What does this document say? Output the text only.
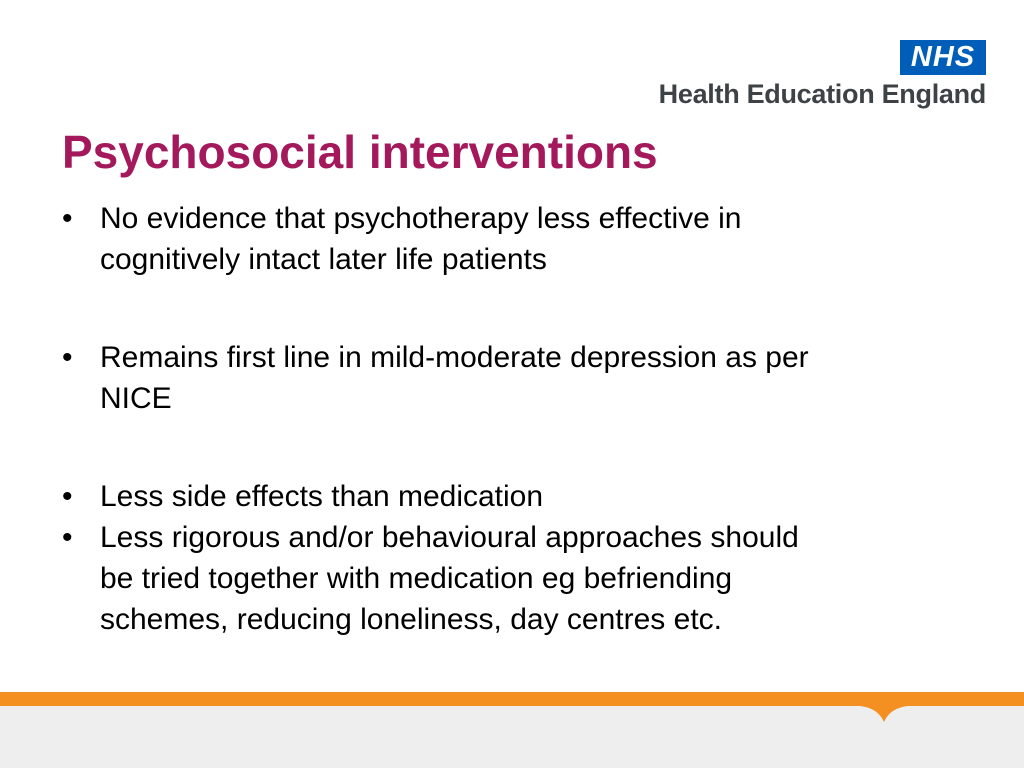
NHS
Health Education England
Psychosocial interventions
• No evidence that psychotherapy less effective in
cognitively intact later life patients
• Remains first line in mild-moderate depression as per
NICE
• Less side effects than medication
• Less rigorous and/or behavioural approaches should
be tried together with medication eg befriending
schemes, reducing loneliness, day centres etc.
